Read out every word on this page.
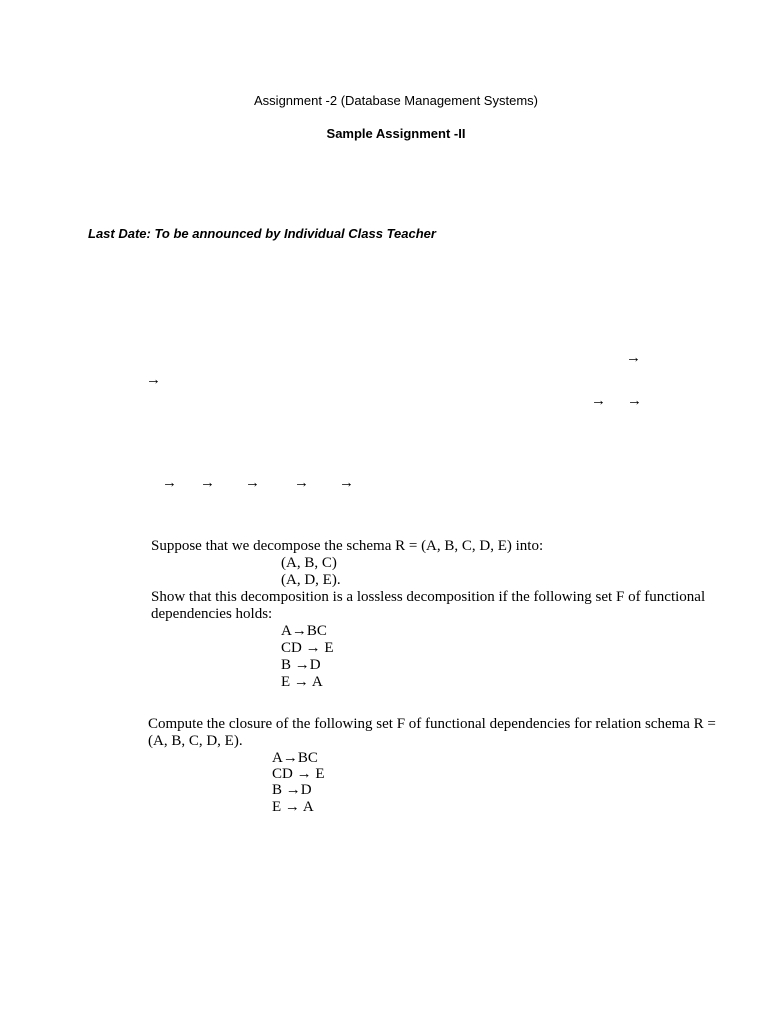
Assignment -2 (Database Management Systems)
Sample Assignment -II
Last Date: To be announced by Individual Class Teacher
→
→
→ →
→ → → → →
Suppose that we decompose the schema R = (A, B, C, D, E) into:
(A, B, C)
(A, D, E).
Show that this decomposition is a lossless decomposition if the following set F of functional
dependencies holds:
A→BC
CD → E
B →D
E → A
Compute the closure of the following set F of functional dependencies for relation schema R =
(A, B, C, D, E).
A→BC
CD → E
B →D
E → A
